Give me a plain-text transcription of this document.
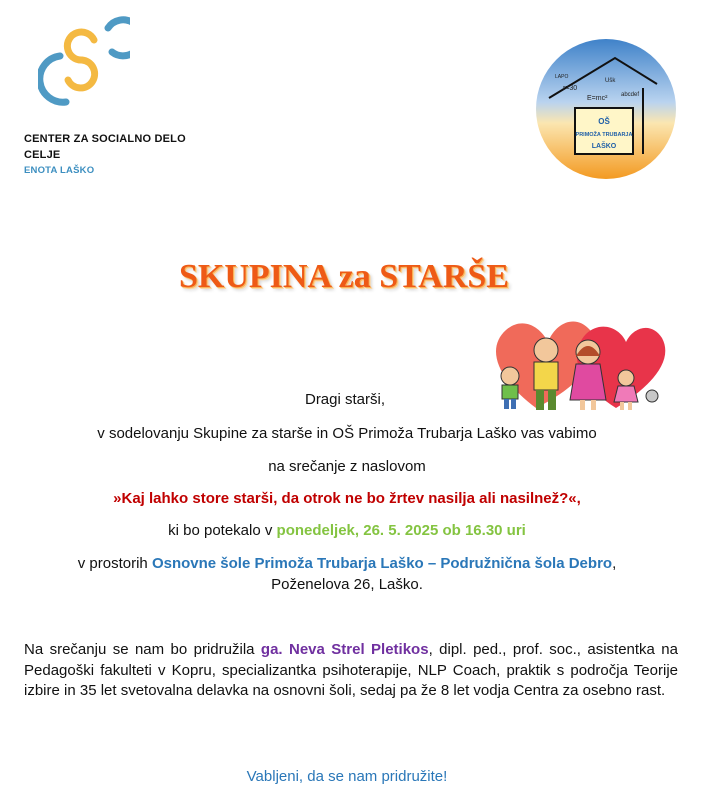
CENTER ZA SOCIALNO DELO
CELJE
ENOTA LAŠKO
r=30
E=mc² abcdef
Ušk
LAPO
OŠ
PRIMOŽA TRUBARJA
LAŠKO
SKUPINA za STARŠE
Dragi starši,
v sodelovanju Skupine za starše in OŠ Primoža Trubarja Laško vas vabimo
na srečanje z naslovom
»Kaj lahko store starši, da otrok ne bo žrtev nasilja ali nasilnež?«,
ki bo potekalo v ponedeljek, 26. 5. 2025 ob 16.30 uri
v prostorih Osnovne šole Primoža Trubarja Laško – Podružnična šola Debro,
Poženelova 26, Laško.
Na srečanju se nam bo pridružila ga. Neva Strel Pletikos, dipl. ped., prof. soc., asistentka na Pedagoški fakulteti v Kopru, specializantka psihoterapije, NLP Coach, praktik s področja Teorije izbire in 35 let svetovalna delavka na osnovni šoli, sedaj pa že 8 let vodja Centra za osebno rast.
Vabljeni, da se nam pridružite!
